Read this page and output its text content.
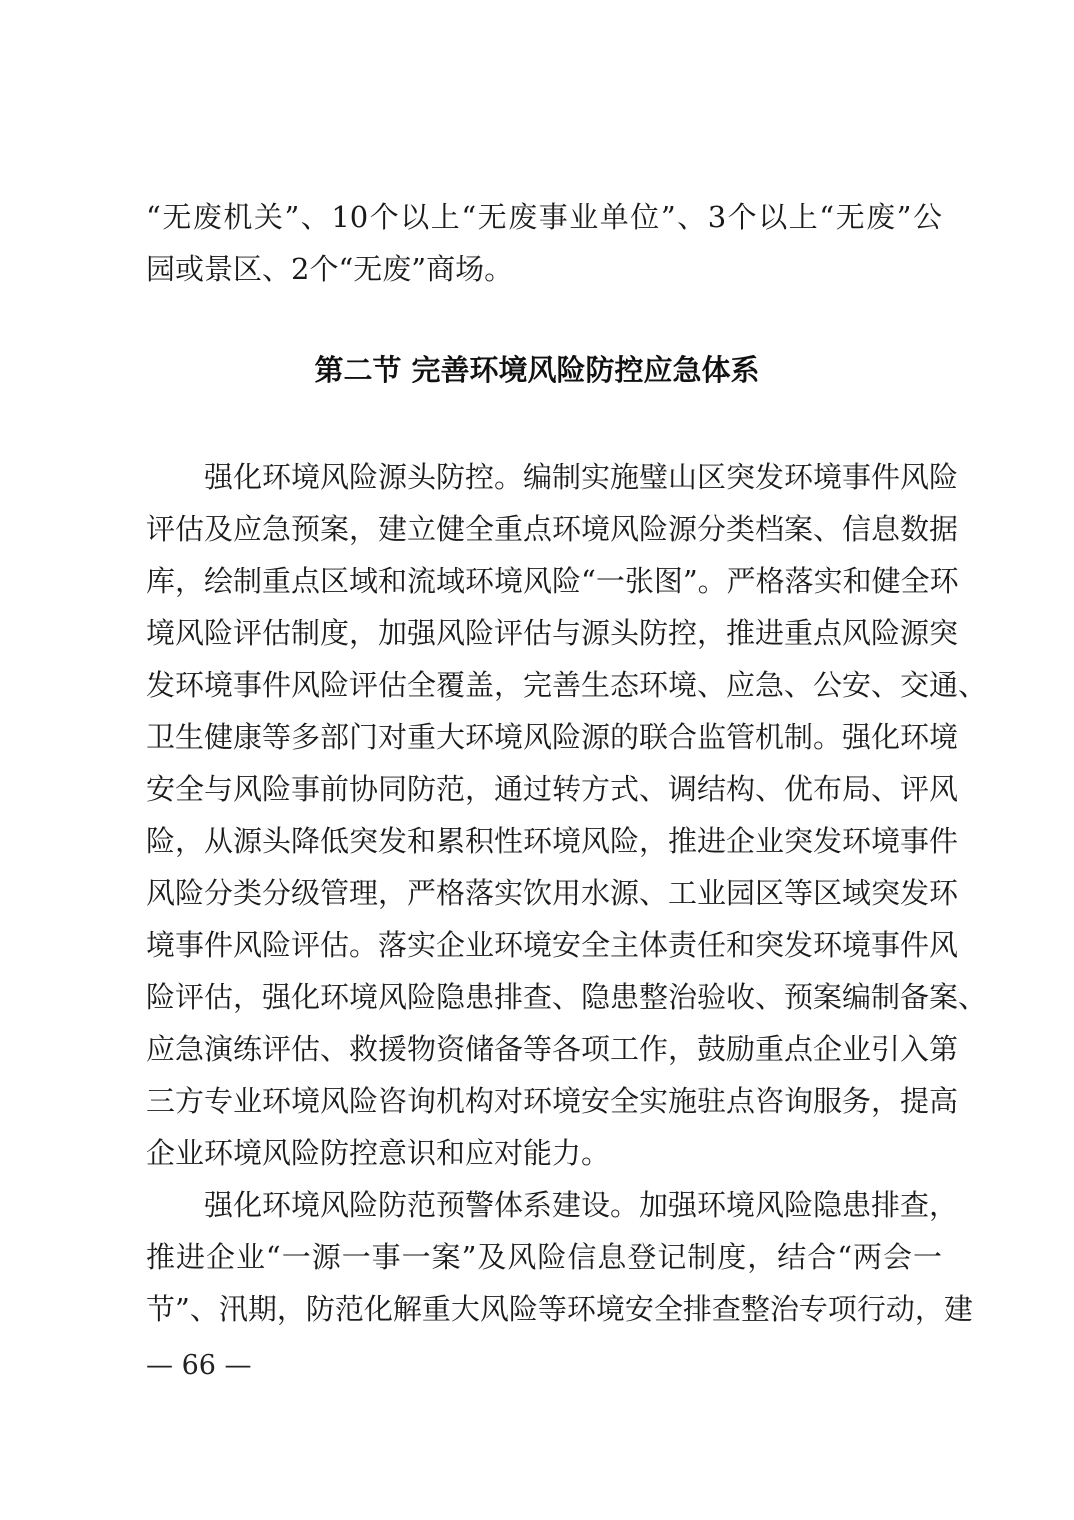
“无废机关”、10个以上“无废事业单位”、3个以上“无废”公
园或景区、2个“无废”商场。
第二节 完善环境风险防控应急体系
　　强化环境风险源头防控。编制实施璧山区突发环境事件风险
评估及应急预案，建立健全重点环境风险源分类档案、信息数据
库，绘制重点区域和流域环境风险“一张图”。严格落实和健全环
境风险评估制度，加强风险评估与源头防控，推进重点风险源突
发环境事件风险评估全覆盖，完善生态环境、应急、公安、交通、
卫生健康等多部门对重大环境风险源的联合监管机制。强化环境
安全与风险事前协同防范，通过转方式、调结构、优布局、评风
险，从源头降低突发和累积性环境风险，推进企业突发环境事件
风险分类分级管理，严格落实饮用水源、工业园区等区域突发环
境事件风险评估。落实企业环境安全主体责任和突发环境事件风
险评估，强化环境风险隐患排查、隐患整治验收、预案编制备案、
应急演练评估、救援物资储备等各项工作，鼓励重点企业引入第
三方专业环境风险咨询机构对环境安全实施驻点咨询服务，提高
企业环境风险防控意识和应对能力。
　　强化环境风险防范预警体系建设。加强环境风险隐患排查，
推进企业“一源一事一案”及风险信息登记制度，结合“两会一
节”、汛期，防范化解重大风险等环境安全排查整治专项行动，建
— 66 —
